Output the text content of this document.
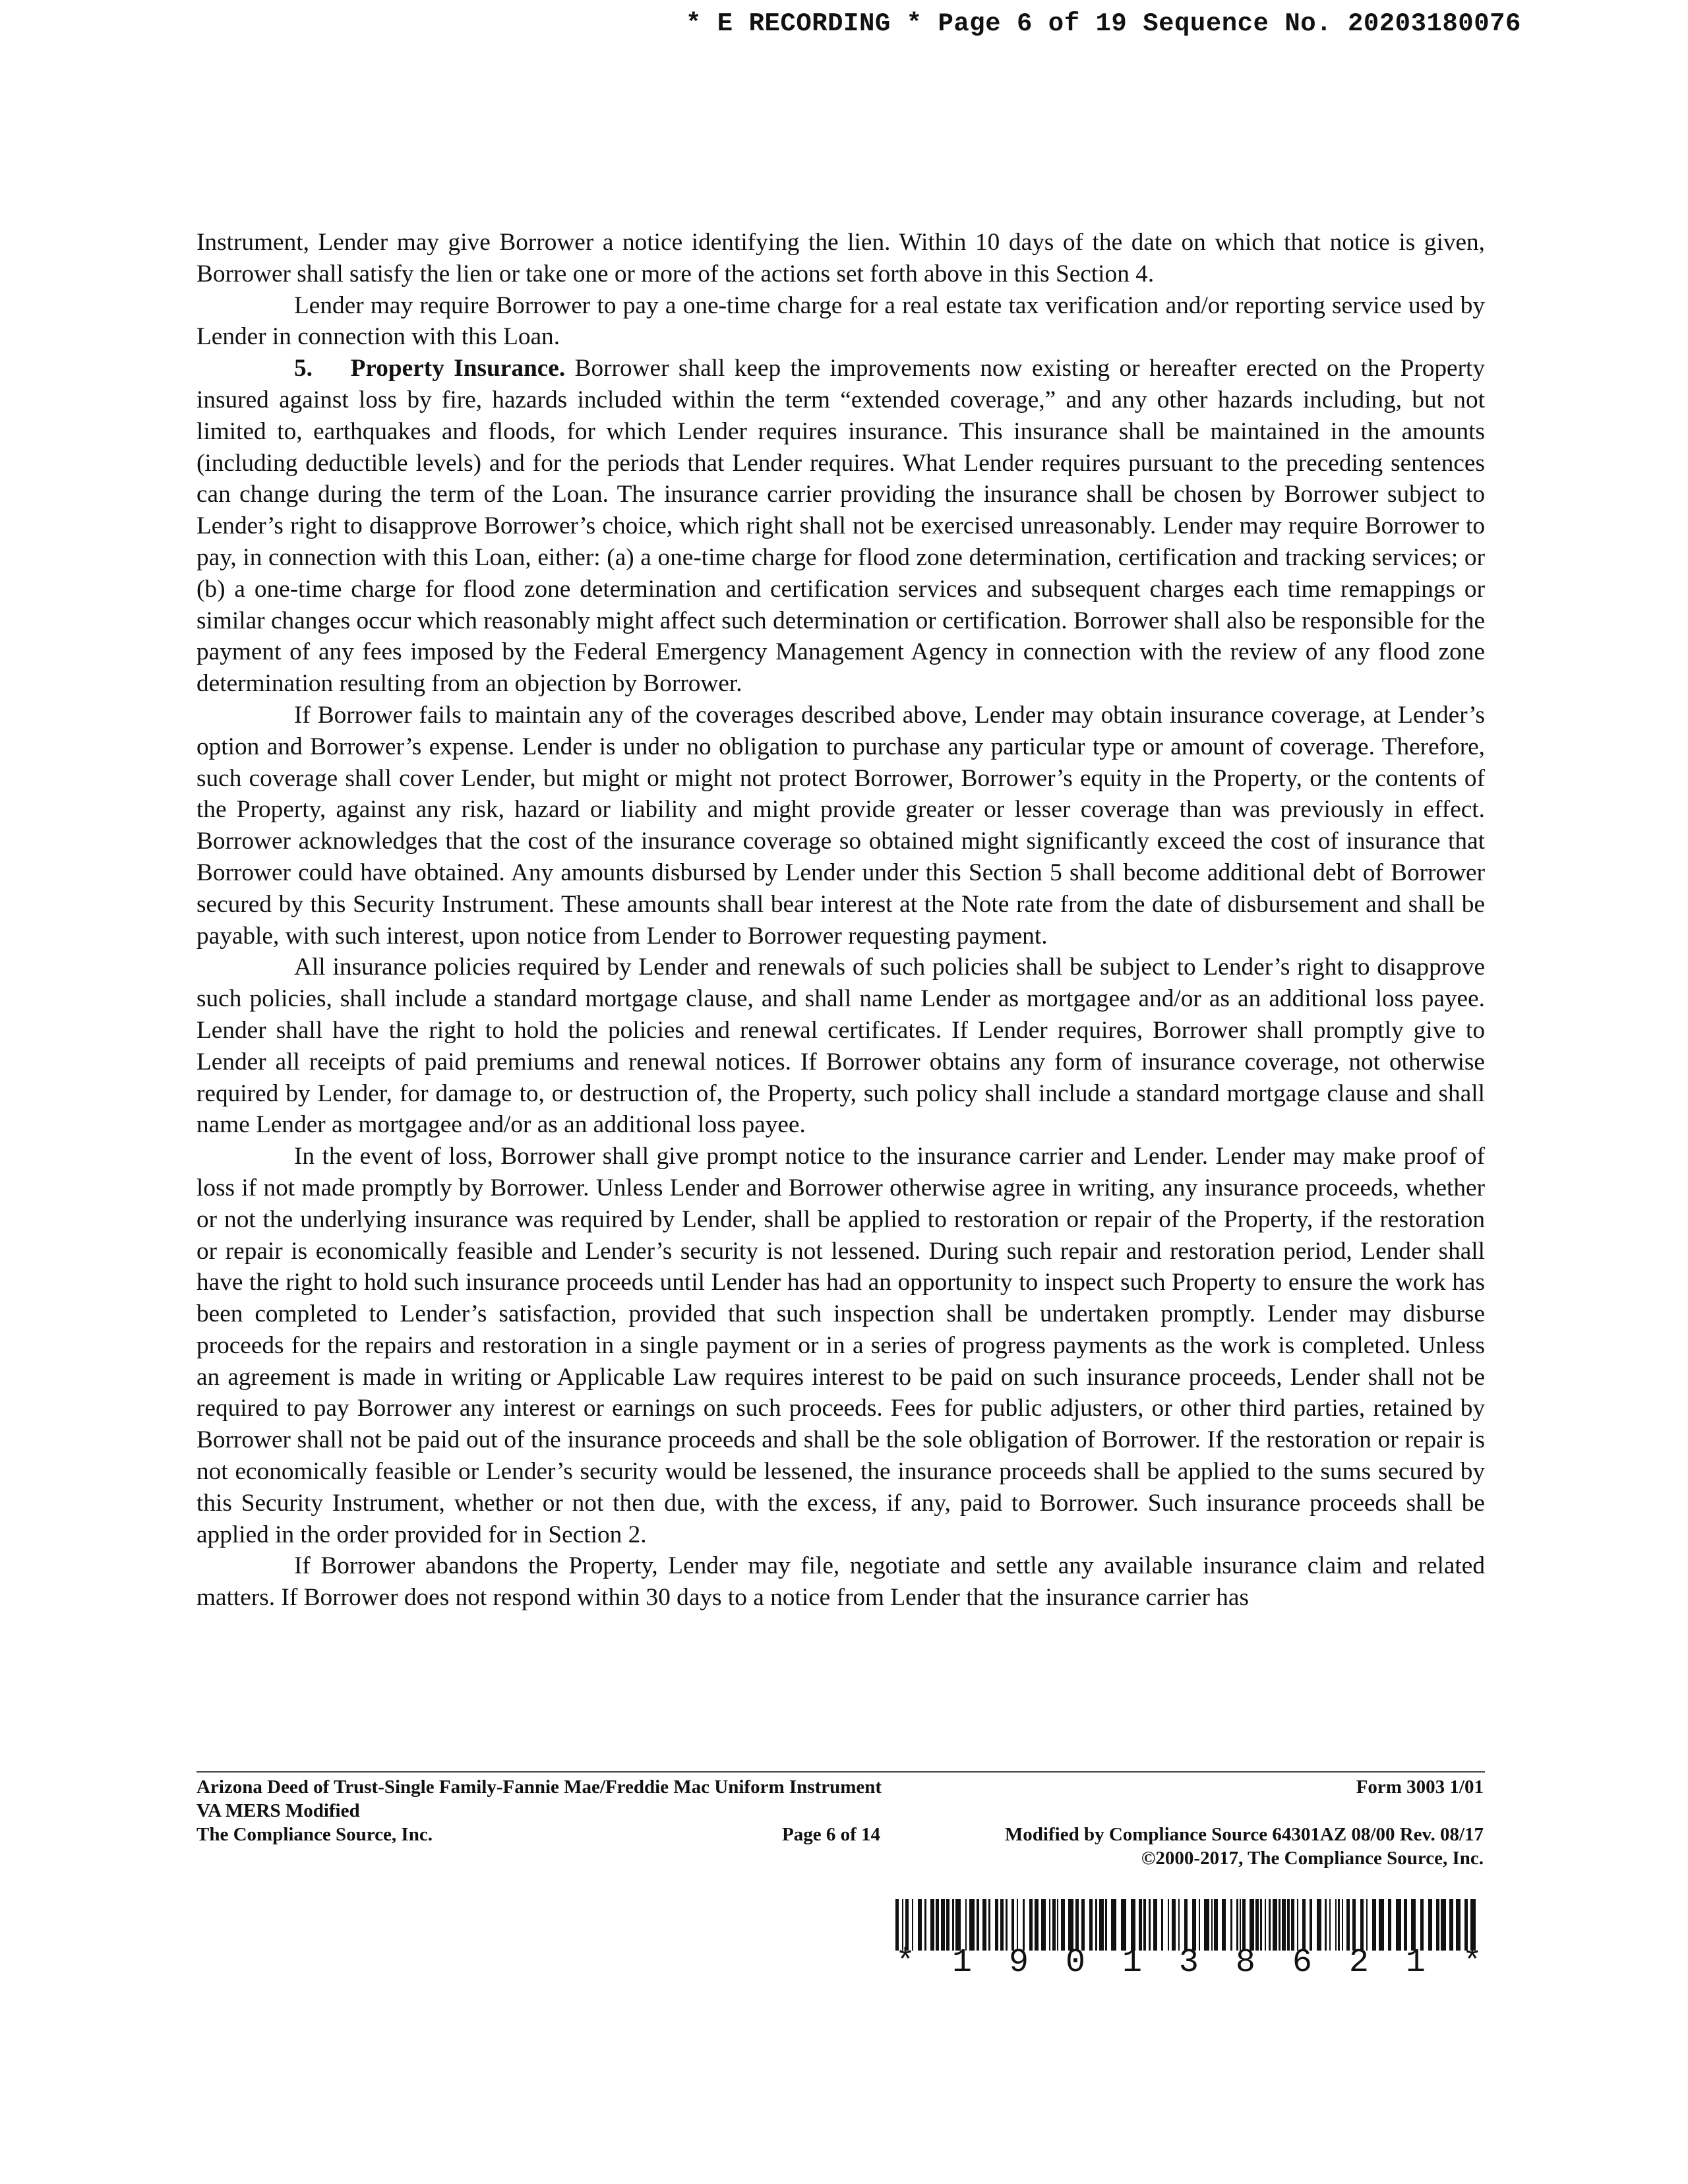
* E RECORDING * Page 6 of 19 Sequence No. 20203180076

Instrument, Lender may give Borrower a notice identifying the lien. Within 10 days of the date on which that notice is given, Borrower shall satisfy the lien or take one or more of the actions set forth above in this Section 4.

Lender may require Borrower to pay a one-time charge for a real estate tax verification and/or reporting service used by Lender in connection with this Loan.

5. Property Insurance. Borrower shall keep the improvements now existing or hereafter erected on the Property insured against loss by fire, hazards included within the term “extended coverage,” and any other hazards including, but not limited to, earthquakes and floods, for which Lender requires insurance. This insurance shall be maintained in the amounts (including deductible levels) and for the periods that Lender requires. What Lender requires pursuant to the preceding sentences can change during the term of the Loan. The insurance carrier providing the insurance shall be chosen by Borrower subject to Lender’s right to disapprove Borrower’s choice, which right shall not be exercised unreasonably. Lender may require Borrower to pay, in connection with this Loan, either: (a) a one-time charge for flood zone determination, certification and tracking services; or (b) a one-time charge for flood zone determination and certification services and subsequent charges each time remappings or similar changes occur which reasonably might affect such determination or certification. Borrower shall also be responsible for the payment of any fees imposed by the Federal Emergency Management Agency in connection with the review of any flood zone determination resulting from an objection by Borrower.

If Borrower fails to maintain any of the coverages described above, Lender may obtain insurance coverage, at Lender’s option and Borrower’s expense. Lender is under no obligation to purchase any particular type or amount of coverage. Therefore, such coverage shall cover Lender, but might or might not protect Borrower, Borrower’s equity in the Property, or the contents of the Property, against any risk, hazard or liability and might provide greater or lesser coverage than was previously in effect. Borrower acknowledges that the cost of the insurance coverage so obtained might significantly exceed the cost of insurance that Borrower could have obtained. Any amounts disbursed by Lender under this Section 5 shall become additional debt of Borrower secured by this Security Instrument. These amounts shall bear interest at the Note rate from the date of disbursement and shall be payable, with such interest, upon notice from Lender to Borrower requesting payment.

All insurance policies required by Lender and renewals of such policies shall be subject to Lender’s right to disapprove such policies, shall include a standard mortgage clause, and shall name Lender as mortgagee and/or as an additional loss payee. Lender shall have the right to hold the policies and renewal certificates. If Lender requires, Borrower shall promptly give to Lender all receipts of paid premiums and renewal notices. If Borrower obtains any form of insurance coverage, not otherwise required by Lender, for damage to, or destruction of, the Property, such policy shall include a standard mortgage clause and shall name Lender as mortgagee and/or as an additional loss payee.

In the event of loss, Borrower shall give prompt notice to the insurance carrier and Lender. Lender may make proof of loss if not made promptly by Borrower. Unless Lender and Borrower otherwise agree in writing, any insurance proceeds, whether or not the underlying insurance was required by Lender, shall be applied to restoration or repair of the Property, if the restoration or repair is economically feasible and Lender’s security is not lessened. During such repair and restoration period, Lender shall have the right to hold such insurance proceeds until Lender has had an opportunity to inspect such Property to ensure the work has been completed to Lender’s satisfaction, provided that such inspection shall be undertaken promptly. Lender may disburse proceeds for the repairs and restoration in a single payment or in a series of progress payments as the work is completed. Unless an agreement is made in writing or Applicable Law requires interest to be paid on such insurance proceeds, Lender shall not be required to pay Borrower any interest or earnings on such proceeds. Fees for public adjusters, or other third parties, retained by Borrower shall not be paid out of the insurance proceeds and shall be the sole obligation of Borrower. If the restoration or repair is not economically feasible or Lender’s security would be lessened, the insurance proceeds shall be applied to the sums secured by this Security Instrument, whether or not then due, with the excess, if any, paid to Borrower. Such insurance proceeds shall be applied in the order provided for in Section 2.

If Borrower abandons the Property, Lender may file, negotiate and settle any available insurance claim and related matters. If Borrower does not respond within 30 days to a notice from Lender that the insurance carrier has

Arizona Deed of Trust-Single Family-Fannie Mae/Freddie Mac Uniform Instrument
VA MERS Modified
The Compliance Source, Inc.
Form 3003 1/01
Page 6 of 14	Modified by Compliance Source 64301AZ 08/00 Rev. 08/17
©2000-2017, The Compliance Source, Inc.
* 1 9 0 1 3 8 6 2 1 *
